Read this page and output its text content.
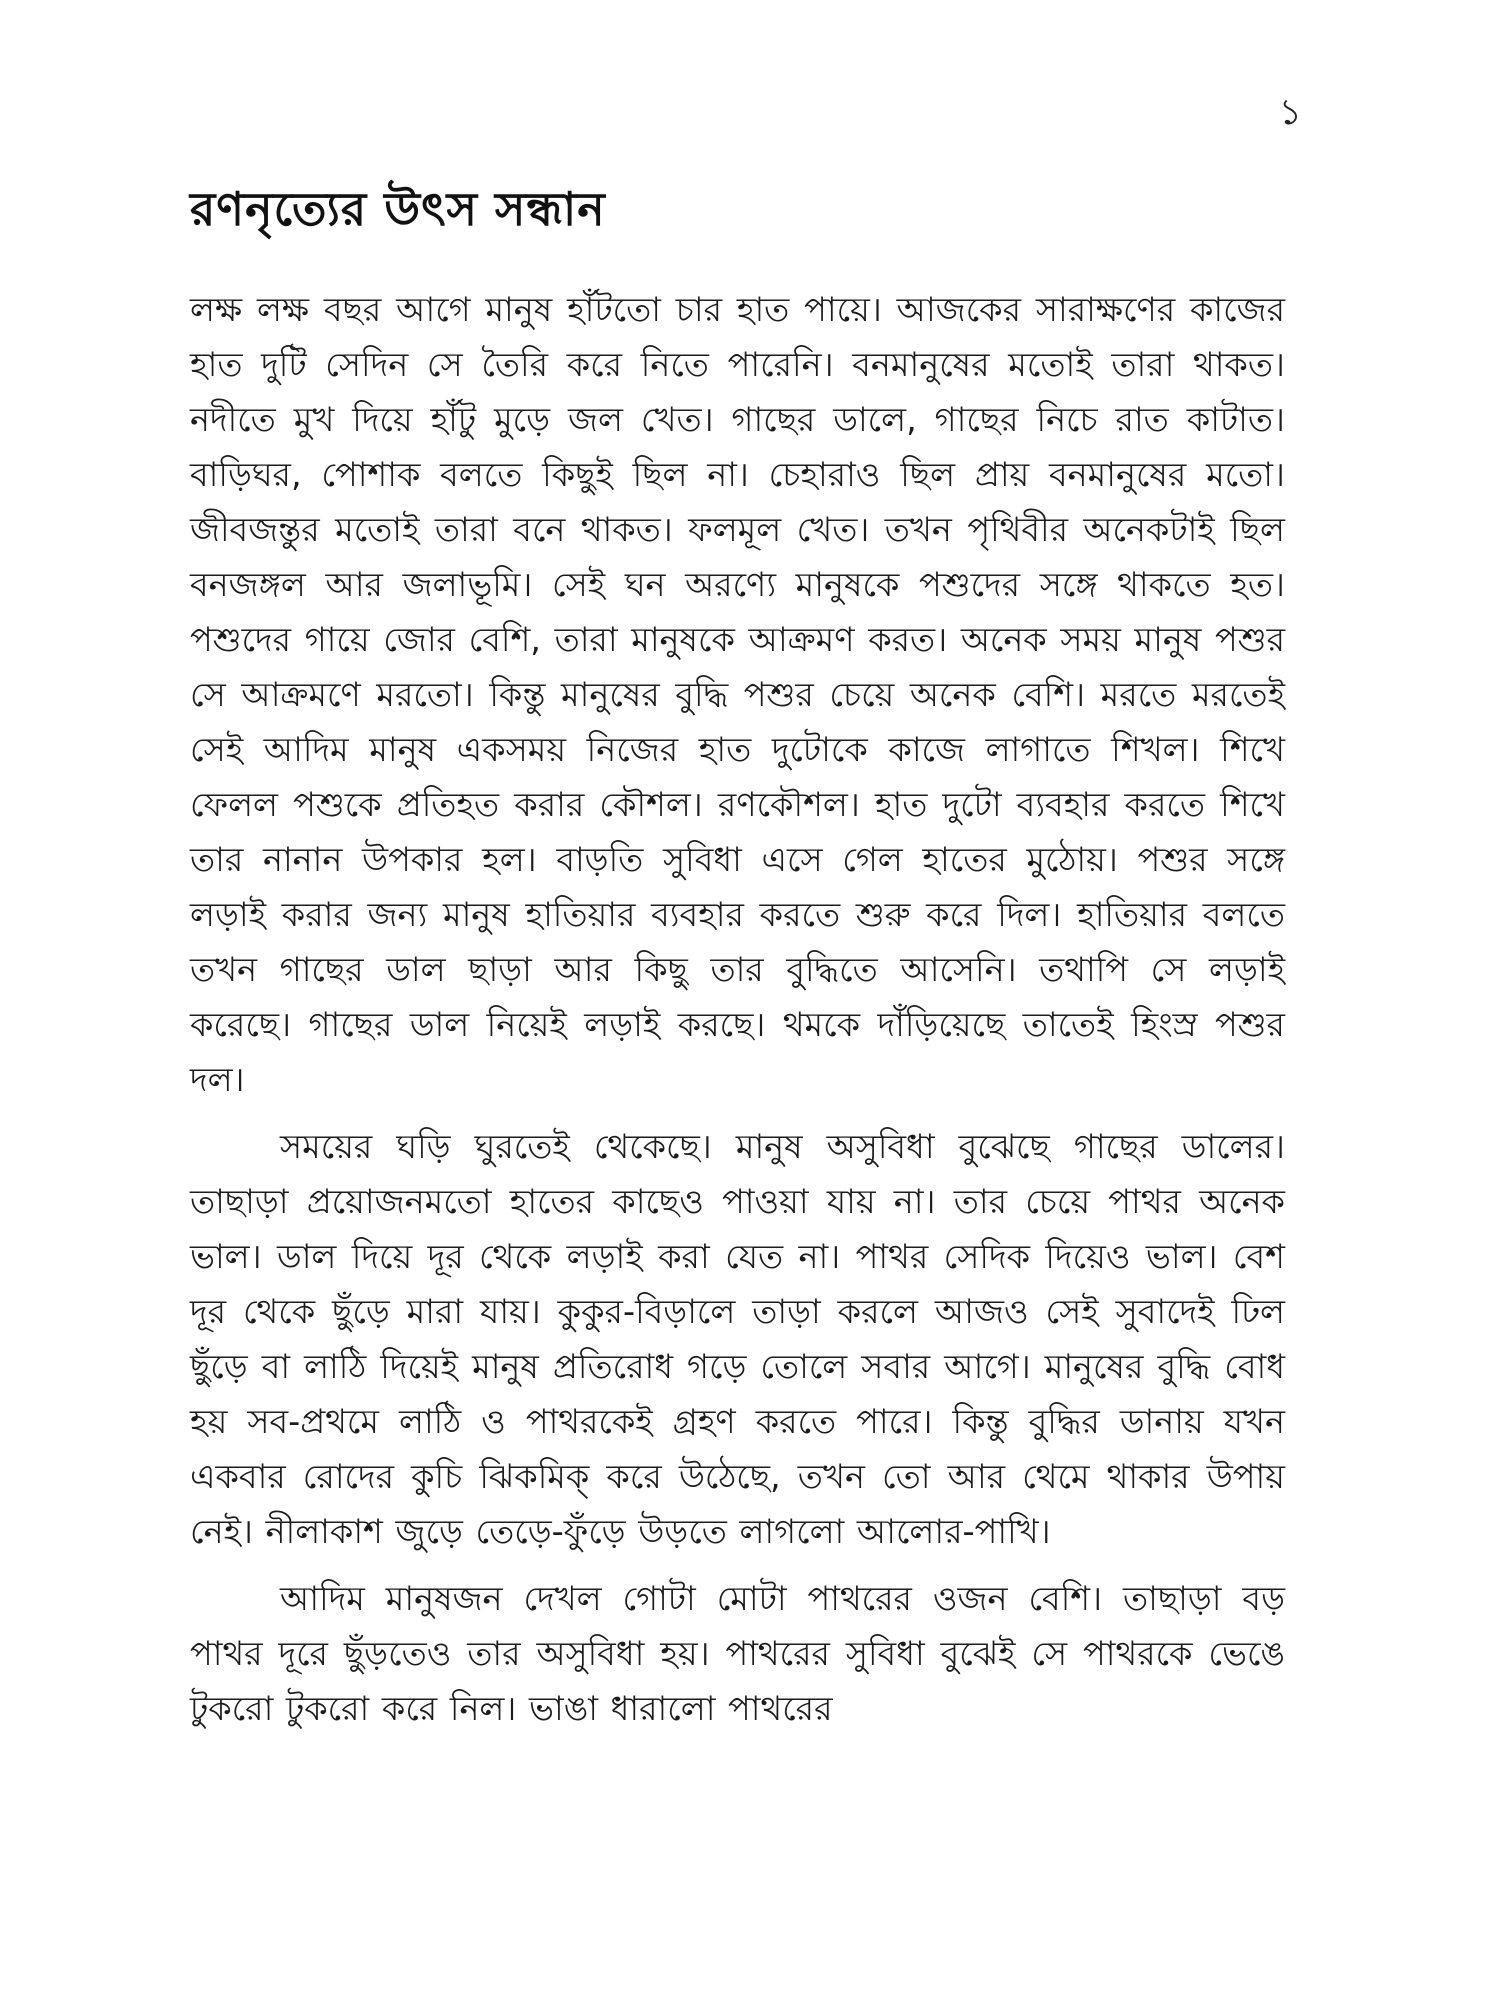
১
রণনৃত্যের উৎস সন্ধান

লক্ষ লক্ষ বছর আগে মানুষ হাঁটতো চার হাত পায়ে। আজকের সারাক্ষণের কাজের হাত দুটি সেদিন সে তৈরি করে নিতে পারেনি। বনমানুষের মতোই তারা থাকত। নদীতে মুখ দিয়ে হাঁটু মুড়ে জল খেত। গাছের ডালে, গাছের নিচে রাত কাটাত। বাড়িঘর, পোশাক বলতে কিছুই ছিল না। চেহারাও ছিল প্রায় বনমানুষের মতো। জীবজন্তুর মতোই তারা বনে থাকত। ফলমূল খেত। তখন পৃথিবীর অনেকটাই ছিল বনজঙ্গল আর জলাভূমি। সেই ঘন অরণ্যে মানুষকে পশুদের সঙ্গে থাকতে হত। পশুদের গায়ে জোর বেশি, তারা মানুষকে আক্রমণ করত। অনেক সময় মানুষ পশুর সে আক্রমণে মরতো। কিন্তু মানুষের বুদ্ধি পশুর চেয়ে অনেক বেশি। মরতে মরতেই সেই আদিম মানুষ একসময় নিজের হাত দুটোকে কাজে লাগাতে শিখল। শিখে ফেলল পশুকে প্রতিহত করার কৌশল। রণকৌশল। হাত দুটো ব্যবহার করতে শিখে তার নানান উপকার হল। বাড়তি সুবিধা এসে গেল হাতের মুঠোয়। পশুর সঙ্গে লড়াই করার জন্য মানুষ হাতিয়ার ব্যবহার করতে শুরু করে দিল। হাতিয়ার বলতে তখন গাছের ডাল ছাড়া আর কিছু তার বুদ্ধিতে আসেনি। তথাপি সে লড়াই করেছে। গাছের ডাল নিয়েই লড়াই করছে। থমকে দাঁড়িয়েছে তাতেই হিংস্র পশুর দল।

সময়ের ঘড়ি ঘুরতেই থেকেছে। মানুষ অসুবিধা বুঝেছে গাছের ডালের। তাছাড়া প্রয়োজনমতো হাতের কাছেও পাওয়া যায় না। তার চেয়ে পাথর অনেক ভাল। ডাল দিয়ে দূর থেকে লড়াই করা যেত না। পাথর সেদিক দিয়েও ভাল। বেশ দূর থেকে ছুঁড়ে মারা যায়। কুকুর-বিড়ালে তাড়া করলে আজও সেই সুবাদেই ঢিল ছুঁড়ে বা লাঠি দিয়েই মানুষ প্রতিরোধ গড়ে তোলে সবার আগে। মানুষের বুদ্ধি বোধ হয় সব-প্রথমে লাঠি ও পাথরকেই গ্রহণ করতে পারে। কিন্তু বুদ্ধির ডানায় যখন একবার রোদের কুচি ঝিকমিক্ করে উঠেছে, তখন তো আর থেমে থাকার উপায় নেই। নীলাকাশ জুড়ে তেড়ে-ফুঁড়ে উড়তে লাগলো আলোর-পাখি।

আদিম মানুষজন দেখল গোটা মোটা পাথরের ওজন বেশি। তাছাড়া বড় পাথর দূরে ছুঁড়তেও তার অসুবিধা হয়। পাথরের সুবিধা বুঝেই সে পাথরকে ভেঙে টুকরো টুকরো করে নিল। ভাঙা ধারালো পাথরের
